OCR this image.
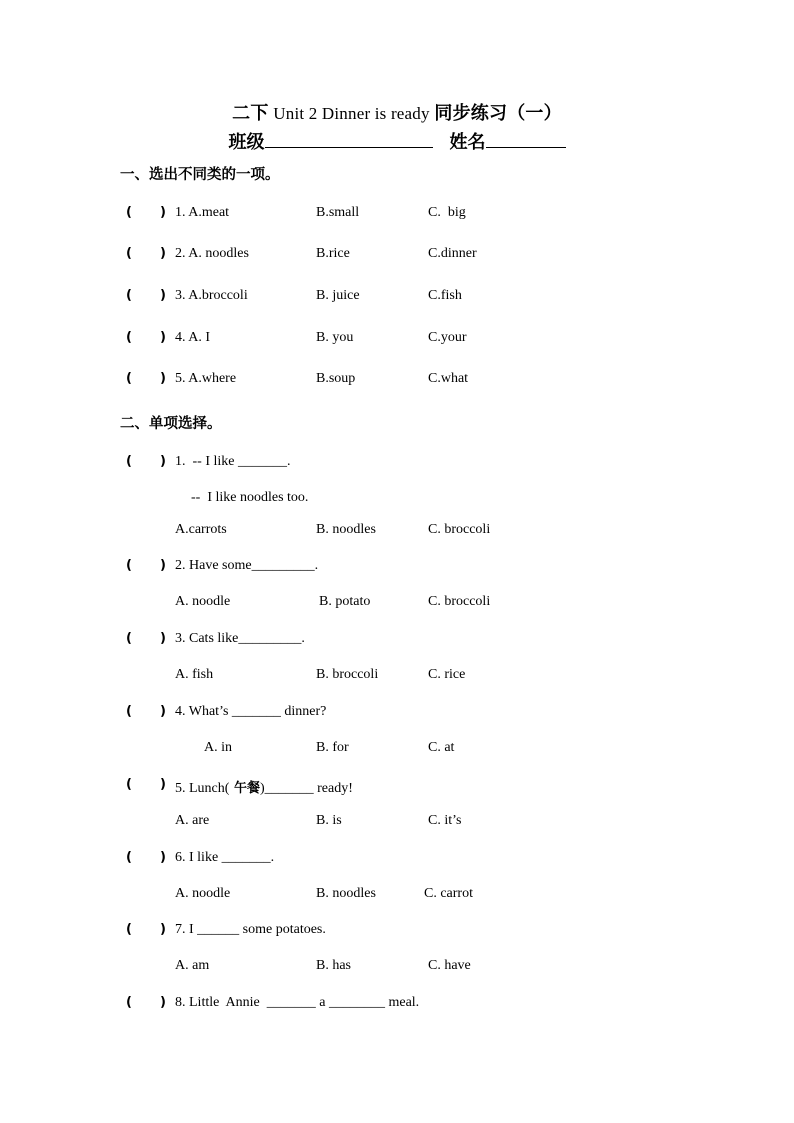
二下 Unit 2 Dinner is ready 同步练习（一）
班级	姓名
一、选出不同类的一项。
( ) 1. A.meat	B.small	C.  big
( ) 2. A. noodles	B.rice	C.dinner
( ) 3. A.broccoli	B. juice	C.fish
( ) 4. A. I	B. you	C.your
( ) 5. A.where	B.soup	C.what
二、单项选择。
( ) 1.  -- I like _______.
--  I like noodles too.
A.carrots	B. noodles	C. broccoli
( ) 2. Have some_________.
A. noodle	B. potato	C. broccoli
( ) 3. Cats like_________.
A. fish	B. broccoli	C. rice
( ) 4. What’s _______ dinner?
A. in	B. for	C. at
( ) 5. Lunch( 午餐)_______ ready!
A. are	B. is	C. it’s
( ) 6. I like _______.
A. noodle	B. noodles	C. carrot
( ) 7. I ______ some potatoes.
A. am	B. has	C. have
( ) 8. Little  Annie  _______ a ________ meal.
